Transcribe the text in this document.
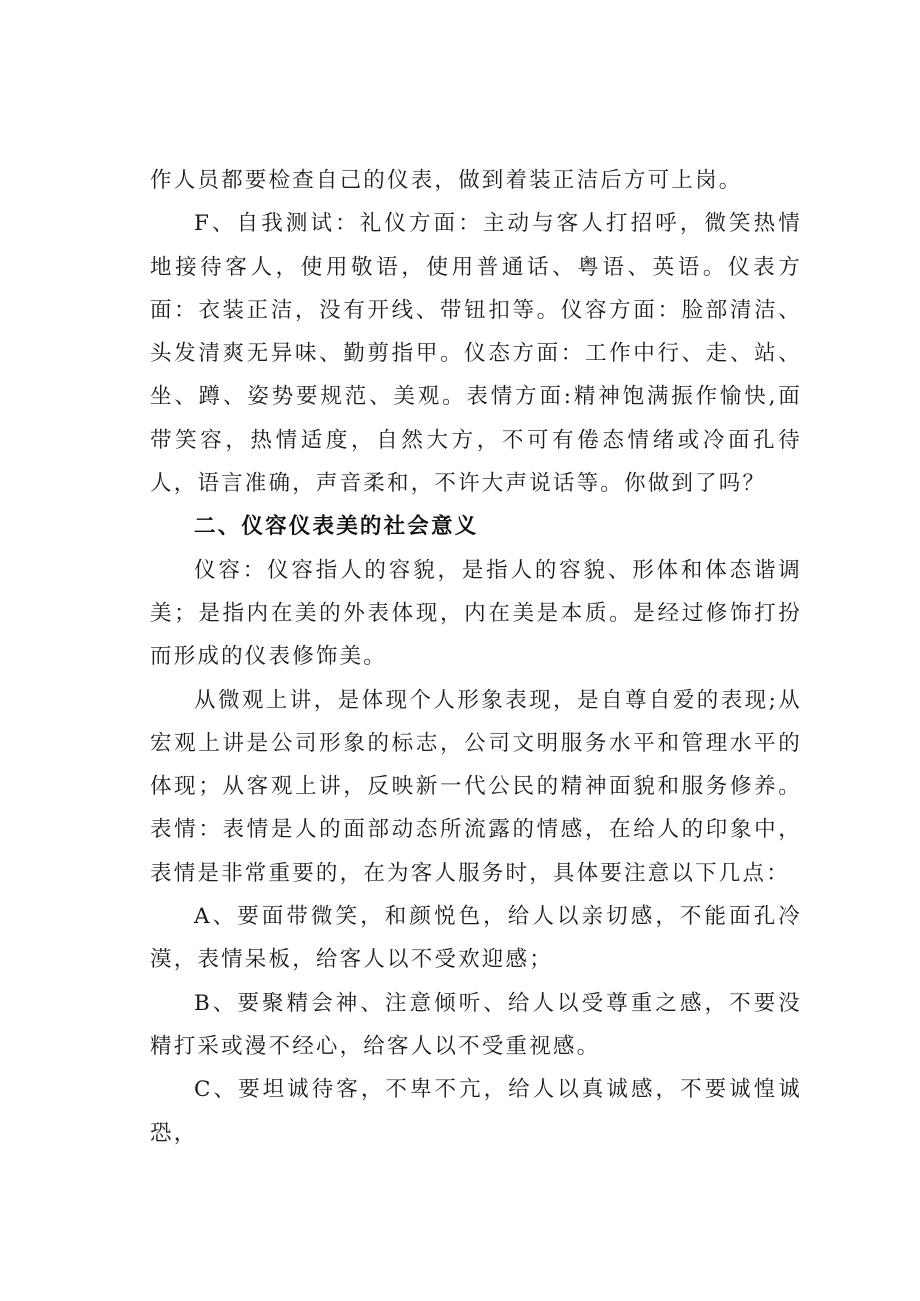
作人员都要检查自己的仪表，做到着装正洁后方可上岗。

F、自我测试：礼仪方面：主动与客人打招呼，微笑热情地接待客人，使用敬语，使用普通话、粤语、英语。仪表方面：衣装正洁，没有开线、带钮扣等。仪容方面：脸部清洁、头发清爽无异味、勤剪指甲。仪态方面：工作中行、走、站、坐、蹲、姿势要规范、美观。表情方面:精神饱满振作愉快,面带笑容，热情适度，自然大方，不可有倦态情绪或冷面孔待人，语言准确，声音柔和，不许大声说话等。你做到了吗？

二、仪容仪表美的社会意义

仪容：仪容指人的容貌，是指人的容貌、形体和体态谐调美；是指内在美的外表体现，内在美是本质。是经过修饰打扮而形成的仪表修饰美。

从微观上讲，是体现个人形象表现，是自尊自爱的表现;从宏观上讲是公司形象的标志，公司文明服务水平和管理水平的体现；从客观上讲，反映新一代公民的精神面貌和服务修养。表情：表情是人的面部动态所流露的情感，在给人的印象中，表情是非常重要的，在为客人服务时，具体要注意以下几点：

A、要面带微笑，和颜悦色，给人以亲切感，不能面孔冷漠，表情呆板，给客人以不受欢迎感；

B、要聚精会神、注意倾听、给人以受尊重之感，不要没精打采或漫不经心，给客人以不受重视感。

C、要坦诚待客，不卑不亢，给人以真诚感，不要诚惶诚恐，
